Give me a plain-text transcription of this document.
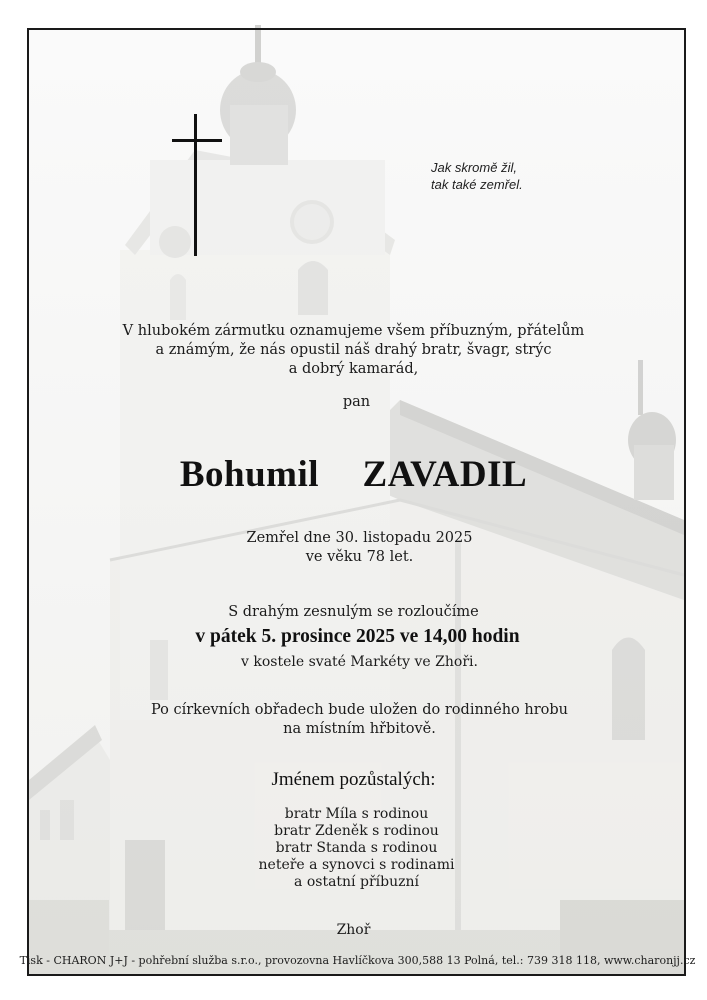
Jak skromě žil,
tak také zemřel.

V hlubokém zármutku oznamujeme všem příbuzným, přátelům
a známým, že nás opustil náš drahý bratr, švagr, strýc
a dobrý kamarád,
pan
Bohumil  ZAVADIL
Zemřel dne 30. listopadu 2025
ve věku 78 let.
S drahým zesnulým se rozloučíme
v pátek 5. prosince 2025 ve 14,00 hodin
v kostele svaté Markéty ve Zhoři.
Po církevních obřadech bude uložen do rodinného hrobu
na místním hřbitově.
Jménem pozůstalých:
bratr Míla s rodinou
bratr Zdeněk s rodinou
bratr Standa s rodinou
neteře a synovci s rodinami
a ostatní příbuzní
Zhoř
Tisk - CHARON J+J - pohřební služba s.r.o., provozovna Havlíčkova 300,588 13 Polná, tel.: 739 318 118, www.charonjj.cz
